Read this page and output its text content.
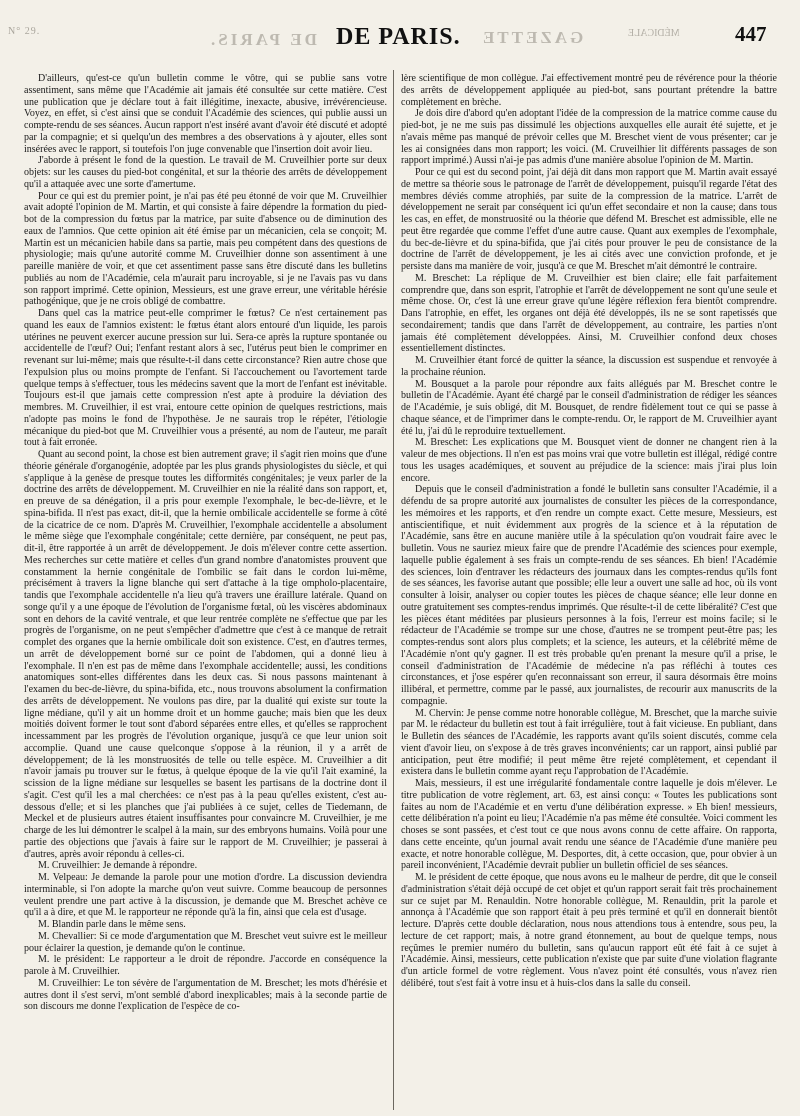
N° 29.	DE PARIS.	GAZETTE	MÉDICALE
DE PARIS.	447

D'ailleurs, qu'est-ce qu'un bulletin comme le vôtre, qui se publie sans votre assentiment, sans même que l'Académie ait jamais été consultée sur cette matière. C'est une publication que je déclare tout à fait illégitime, inexacte, abusive, irrévérencieuse. Voyez, en effet, si c'est ainsi que se conduit l'Académie des sciences, qui publie aussi un compte-rendu de ses séances. Aucun rapport n'est inséré avant d'avoir été discuté et adopté par la compagnie; et si quelqu'un des membres a des observations à y ajouter, elles sont insérées avec le rapport, si toutefois l'on juge convenable que l'insertion doit avoir lieu.

J'aborde à présent le fond de la question. Le travail de M. Cruveilhier porte sur deux objets: sur les causes du pied-bot congénital, et sur la théorie des arrêts de développement qu'il a attaquée avec une sorte d'amertume.

Pour ce qui est du premier point, je n'ai pas été peu étonné de voir que M. Cruveilhier avait adopté l'opinion de M. Martin, et qui consiste à faire dépendre la formation du pied-bot de la compression du fœtus par la matrice, par suite d'absence ou de diminution des eaux de l'amnios. Que cette opinion ait été émise par un mécanicien, cela se conçoit; M. Martin est un mécanicien habile dans sa partie, mais peu compétent dans des questions de physiologie; mais qu'une autorité comme M. Cruveilhier donne son assentiment à une pareille manière de voir, et que cet assentiment passe sans être discuté dans les bulletins publiés au nom de l'Académie, cela m'aurait paru incroyable, si je ne l'avais pas vu dans son rapport imprimé. Cette opinion, Messieurs, est une grave erreur, une véritable hérésie pathogénique, que je ne crois obligé de combattre.

Dans quel cas la matrice peut-elle comprimer le fœtus? Ce n'est certainement pas quand les eaux de l'amnios existent: le fœtus étant alors entouré d'un liquide, les parois utérines ne peuvent exercer aucune pression sur lui. Sera-ce après la rupture spontanée ou accidentelle de l'œuf? Oui; l'enfant restant alors à sec, l'utérus peut bien le comprimer en revenant sur lui-même; mais que résulte-t-il dans cette circonstance? Rien autre chose que l'expulsion plus ou moins prompte de l'enfant. Si l'accouchement ou l'avortement tarde quelque temps à s'effectuer, tous les médecins savent que la mort de l'enfant est inévitable. Toujours est-il que jamais cette compression n'est apte à produire la déviation des membres. M. Cruveilhier, il est vrai, entoure cette opinion de quelques restrictions, mais n'adopte pas moins le fond de l'hypothèse. Je ne saurais trop le répéter, l'étiologie mécanique du pied-bot que M. Cruveilhier vous a présenté, au nom de l'auteur, me paraît tout à fait erronée.

Quant au second point, la chose est bien autrement grave; il s'agit rien moins que d'une théorie générale d'organogénie, adoptée par les plus grands physiologistes du siècle, et qui s'applique à la genèse de presque toutes les difformités congénitales; je veux parler de la doctrine des arrêts de développement. M. Cruveilhier en nie la réalité dans son rapport, et, en preuve de sa dénégation, il a pris pour exemple l'exomphale, le bec-de-lièvre, et le spina-bifida. Il n'est pas exact, dit-il, que la hernie ombilicale accidentelle se forme à côté de la cicatrice de ce nom. D'après M. Cruveilhier, l'exomphale accidentelle a absolument le même siège que l'exomphale congénitale; cette dernière, par conséquent, ne peut pas, dit-il, être rapportée à un arrêt de développement. Je dois m'élever contre cette assertion. Mes recherches sur cette matière et celles d'un grand nombre d'anatomistes prouvent que constamment la hernie congénitale de l'ombilic se fait dans le cordon lui-même, précisément à travers la ligne blanche qui sert d'attache à la tige ompholo-placentaire, tandis que l'exomphale accidentelle n'a lieu qu'à travers une éraillure latérale. Quand on songe qu'il y a une époque de l'évolution de l'organisme fœtal, où les viscères abdominaux sont en dehors de la cavité ventrale, et que leur rentrée complète ne s'effectue que par les progrès de l'organisme, on ne peut s'empêcher d'admettre que c'est à ce manque de retrait complet des organes que la hernie ombilicale doit son existence. C'est, en d'autres termes, un arrêt de développement borné sur ce point de l'abdomen, qui a donné lieu à l'exomphale. Il n'en est pas de même dans l'exomphale accidentelle; aussi, les conditions anatomiques sont-elles différentes dans les deux cas. Si nous passons maintenant à l'examen du bec-de-lièvre, du spina-bifida, etc., nous trouvons absolument la confirmation des arrêts de développement. Ne voulons pas dire, par la dualité qui existe sur toute la ligne médiane, qu'il y ait un homme droit et un homme gauche; mais bien que les deux moitiés doivent former le tout sont d'abord séparées entre elles, et qu'elles se rapprochent incessamment par les progrès de l'évolution organique, jusqu'à ce que leur union soit accomplie. Quand une cause quelconque s'oppose à la réunion, il y a arrêt de développement; de là les monstruosités de telle ou telle espèce. M. Cruveilhier a dit n'avoir jamais pu trouver sur le fœtus, à quelque époque de la vie qu'il l'ait examiné, la scission de la ligne médiane sur lesquelles se basent les partisans de la doctrine dont il s'agit. C'est qu'il les a mal cherchées: ce n'est pas à la peau qu'elles existent, c'est au-dessous d'elle; et si les planches que j'ai publiées à ce sujet, celles de Tiedemann, de Meckel et de plusieurs autres étaient insuffisantes pour convaincre M. Cruveilhier, je me charge de les lui démontrer le scalpel à la main, sur des embryons humains. Voilà pour une partie des objections que j'avais à faire sur le rapport de M. Cruveilhier; je passerai à d'autres, après avoir répondu à celles-ci.

M. Cruveilhier: Je demande à répondre.

M. Velpeau: Je demande la parole pour une motion d'ordre. La discussion deviendra interminable, si l'on adopte la marche qu'on veut suivre. Comme beaucoup de personnes veulent prendre une part active à la discussion, je demande que M. Breschet achève ce qu'il a à dire, et que M. le rapporteur ne réponde qu'à la fin, ainsi que cela est d'usage.

M. Blandin parle dans le même sens.

M. Chevallier: Si ce mode d'argumentation que M. Breschet veut suivre est le meilleur pour éclairer la question, je demande qu'on le continue.

M. le président: Le rapporteur a le droit de répondre. J'accorde en conséquence la parole à M. Cruveilhier.

M. Cruveilhier: Le ton sévère de l'argumentation de M. Breschet; les mots d'hérésie et autres dont il s'est servi, m'ont semblé d'abord inexplicables; mais à la seconde partie de son discours me donne l'explication de l'espèce de co-

lère scientifique de mon collègue. J'ai effectivement montré peu de révérence pour la théorie des arrêts de développement appliquée au pied-bot, sans pourtant prétendre la battre complètement en brèche.

Je dois dire d'abord qu'en adoptant l'idée de la compression de la matrice comme cause du pied-bot, je ne me suis pas dissimulé les objections auxquelles elle aurait été sujette, et je n'avais même pas manqué de prévoir celles que M. Breschet vient de vous présenter; car je les ai consignées dans mon rapport; les voici. (M. Cruveilhier lit différents passages de son rapport imprimé.) Aussi n'ai-je pas admis d'une manière absolue l'opinion de M. Martin.

Pour ce qui est du second point, j'ai déjà dit dans mon rapport que M. Martin avait essayé de mettre sa théorie sous le patronage de l'arrêt de développement, puisqu'il regarde l'état des membres déviés comme atrophiés, par suite de la compression de la matrice. L'arrêt de développement ne serait par conséquent ici qu'un effet secondaire et non la cause; dans tous les cas, en effet, de monstruosité ou la théorie que défend M. Breschet est admissible, elle ne peut être regardée que comme l'effet d'une autre cause. Quant aux exemples de l'exomphale, du bec-de-lièvre et du spina-bifida, que j'ai cités pour prouver le peu de consistance de la doctrine de l'arrêt de développement, je les ai cités avec une conviction profonde, et je persiste dans ma manière de voir, jusqu'à ce que M. Breschet m'ait démontré le contraire.

M. Breschet: La réplique de M. Cruveilhier est bien claire; elle fait parfaitement comprendre que, dans son esprit, l'atrophie et l'arrêt de développement ne sont qu'une seule et même chose. Or, c'est là une erreur grave qu'une légère réflexion fera bientôt comprendre. Dans l'atrophie, en effet, les organes ont déjà été développés, ils ne se sont rapetissés que secondairement; tandis que dans l'arrêt de développement, au contraire, les parties n'ont jamais été complètement développées. Ainsi, M. Cruveilhier confond deux choses essentiellement distinctes.

M. Cruveilhier étant forcé de quitter la séance, la discussion est suspendue et renvoyée à la prochaine réunion.

M. Bousquet a la parole pour répondre aux faits allégués par M. Breschet contre le bulletin de l'Académie. Ayant été chargé par le conseil d'administration de rédiger les séances de l'Académie, je suis obligé, dit M. Bousquet, de rendre fidèlement tout ce qui se passe à chaque séance, et de l'imprimer dans le compte-rendu. Or, le rapport de M. Cruveilhier ayant été lu, j'ai dû le reproduire textuellement.

M. Breschet: Les explications que M. Bousquet vient de donner ne changent rien à la valeur de mes objections. Il n'en est pas moins vrai que votre bulletin est illégal, rédigé contre tous les usages académiques, et souvent au préjudice de la science: mais j'irai plus loin encore.

Depuis que le conseil d'administration a fondé le bulletin sans consulter l'Académie, il a défendu de sa propre autorité aux journalistes de consulter les pièces de la correspondance, les mémoires et les rapports, et d'en rendre un compte exact. Cette mesure, Messieurs, est antiscientifique, et nuit évidemment aux progrès de la science et à la réputation de l'Académie, sans être en aucune manière utile à la spéculation qu'on voudrait faire avec le bulletin. Vous ne sauriez mieux faire que de prendre l'Académie des sciences pour exemple, laquelle publie également à ses frais un compte-rendu de ses séances. Eh bien! l'Académie des sciences, loin d'entraver les rédacteurs des journaux dans les comptes-rendus qu'ils font de ses séances, les favorise autant que possible; elle leur a ouvert une salle ad hoc, où ils vont consulter à loisir, analyser ou copier toutes les pièces de chaque séance; elle leur donne en outre gratuitement ses comptes-rendus imprimés. Que résulte-t-il de cette libéralité? C'est que les pièces étant méditées par plusieurs personnes à la fois, l'erreur est moins facile; si le rédacteur de l'Académie se trompe sur une chose, d'autres ne se trompent peut-être pas; les comptes-rendus sont alors plus complets; et la science, les auteurs, et la célébrité même de l'Académie n'ont qu'y gagner. Il est très probable qu'en prenant la mesure qu'il a prise, le conseil d'administration de l'Académie de médecine n'a pas réfléchi à toutes ces circonstances, et j'ose espérer qu'en reconnaissant son erreur, il saura désormais être moins illibéral, et permettre, comme par le passé, aux journalistes, de recourir aux manuscrits de la compagnie.

M. Chervin: Je pense comme notre honorable collègue, M. Breschet, que la marche suivie par M. le rédacteur du bulletin est tout à fait irrégulière, tout à fait vicieuse. En publiant, dans le Bulletin des séances de l'Académie, les rapports avant qu'ils soient discutés, comme cela vient d'avoir lieu, on s'expose à de très graves inconvénients; car un rapport, ainsi publié par anticipation, peut être modifié; il peut même être rejeté complètement, et cependant il existera dans le bulletin comme ayant reçu l'approbation de l'Académie.

Mais, messieurs, il est une irrégularité fondamentale contre laquelle je dois m'élever. Le titre publication de votre règlement, art. 63, est ainsi conçu: « Toutes les publications sont faites au nom de l'Académie et en vertu d'une délibération expresse. » Eh bien! messieurs, cette délibération n'a point eu lieu; l'Académie n'a pas même été consultée. Voici comment les choses se sont passées, et c'est tout ce que nous avons connu de cette affaire. On rapporta, dans cette enceinte, qu'un journal avait rendu une séance de l'Académie d'une manière peu exacte, et notre honorable collègue, M. Desportes, dit, à cette occasion, que, pour obvier à un pareil inconvénient, l'Académie devrait publier un bulletin officiel de ses séances.

M. le président de cette époque, que nous avons eu le malheur de perdre, dit que le conseil d'administration s'était déjà occupé de cet objet et qu'un rapport serait fait très prochainement sur ce sujet par M. Renauldin. Notre honorable collègue, M. Renauldin, prit la parole et annonça à l'Académie que son rapport était à peu près terminé et qu'il en donnerait bientôt lecture. D'après cette double déclaration, nous nous attendions tous à entendre, sous peu, la lecture de cet rapport; mais, à notre grand étonnement, au bout de quelque temps, nous reçûmes le premier numéro du bulletin, sans qu'aucun rapport eût été fait à ce sujet à l'Académie. Ainsi, messieurs, cette publication n'existe que par suite d'une violation flagrante d'un article formel de votre règlement. Vous n'avez point été consultés, vous n'avez rien délibéré, tout s'est fait à votre insu et à huis-clos dans la salle du conseil.
